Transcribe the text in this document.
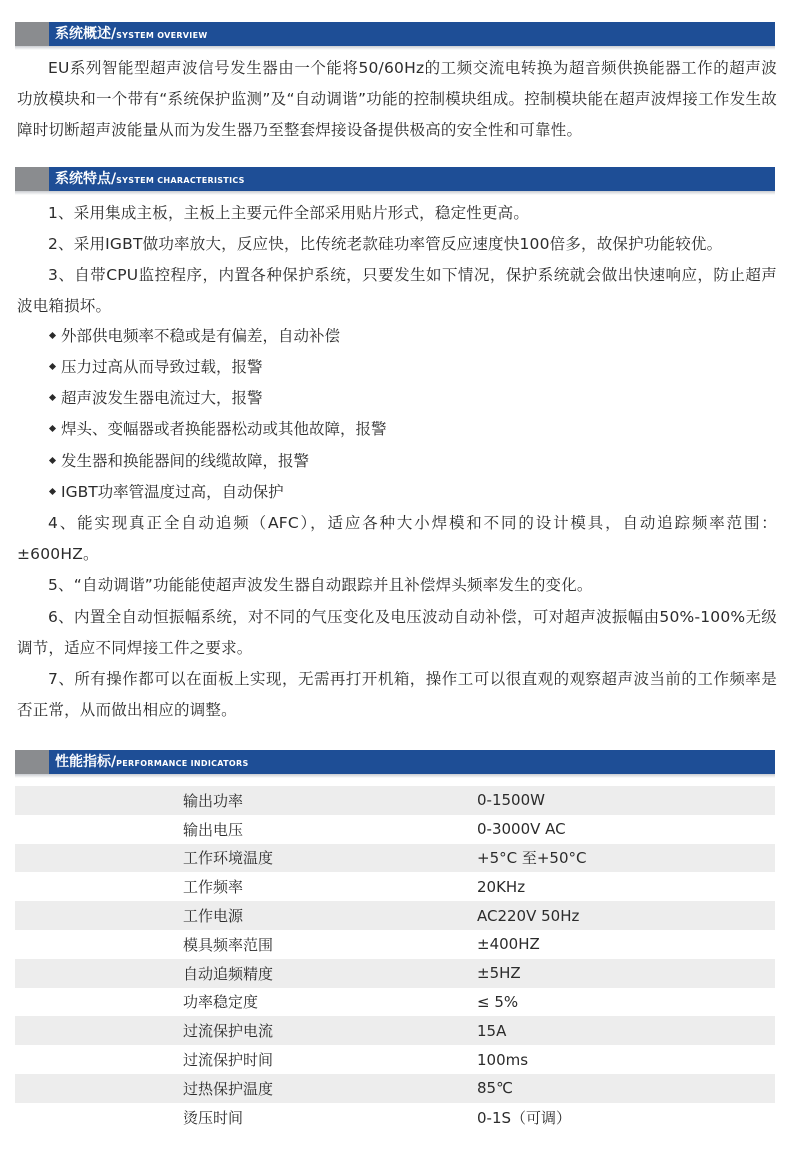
系统概述/SYSTEM OVERVIEW

EU系列智能型超声波信号发生器由一个能将50/60Hz的工频交流电转换为超音频供换能器工作的超声波功放模块和一个带有“系统保护监测”及“自动调谐”功能的控制模块组成。控制模块能在超声波焊接工作发生故障时切断超声波能量从而为发生器乃至整套焊接设备提供极高的安全性和可靠性。

系统特点/SYSTEM CHARACTERISTICS

1、采用集成主板，主板上主要元件全部采用贴片形式，稳定性更高。

2、采用IGBT做功率放大，反应快，比传统老款硅功率管反应速度快100倍多，故保护功能较优。

3、自带CPU监控程序，内置各种保护系统，只要发生如下情况，保护系统就会做出快速响应，防止超声波电箱损坏。

外部供电频率不稳或是有偏差，自动补偿
压力过高从而导致过载，报警
超声波发生器电流过大，报警
焊头、变幅器或者换能器松动或其他故障，报警
发生器和换能器间的线缆故障，报警
IGBT功率管温度过高，自动保护

4、能实现真正全自动追频（AFC），适应各种大小焊模和不同的设计模具，自动追踪频率范围：±600HZ。

5、“自动调谐”功能能使超声波发生器自动跟踪并且补偿焊头频率发生的变化。

6、内置全自动恒振幅系统，对不同的气压变化及电压波动自动补偿，可对超声波振幅由50%-100%无级调节，适应不同焊接工件之要求。

7、所有操作都可以在面板上实现，无需再打开机箱，操作工可以很直观的观察超声波当前的工作频率是否正常，从而做出相应的调整。

性能指标/PERFORMANCE INDICATORS
输出功率	0-1500W
输出电压	0-3000V AC
工作环境温度	+5°C 至+50°C
工作频率	20KHz
工作电源	AC220V 50Hz
模具频率范围	±400HZ
自动追频精度	±5HZ
功率稳定度	≤ 5%
过流保护电流	15A
过流保护时间	100ms
过热保护温度	85℃
烫压时间	0-1S（可调）
